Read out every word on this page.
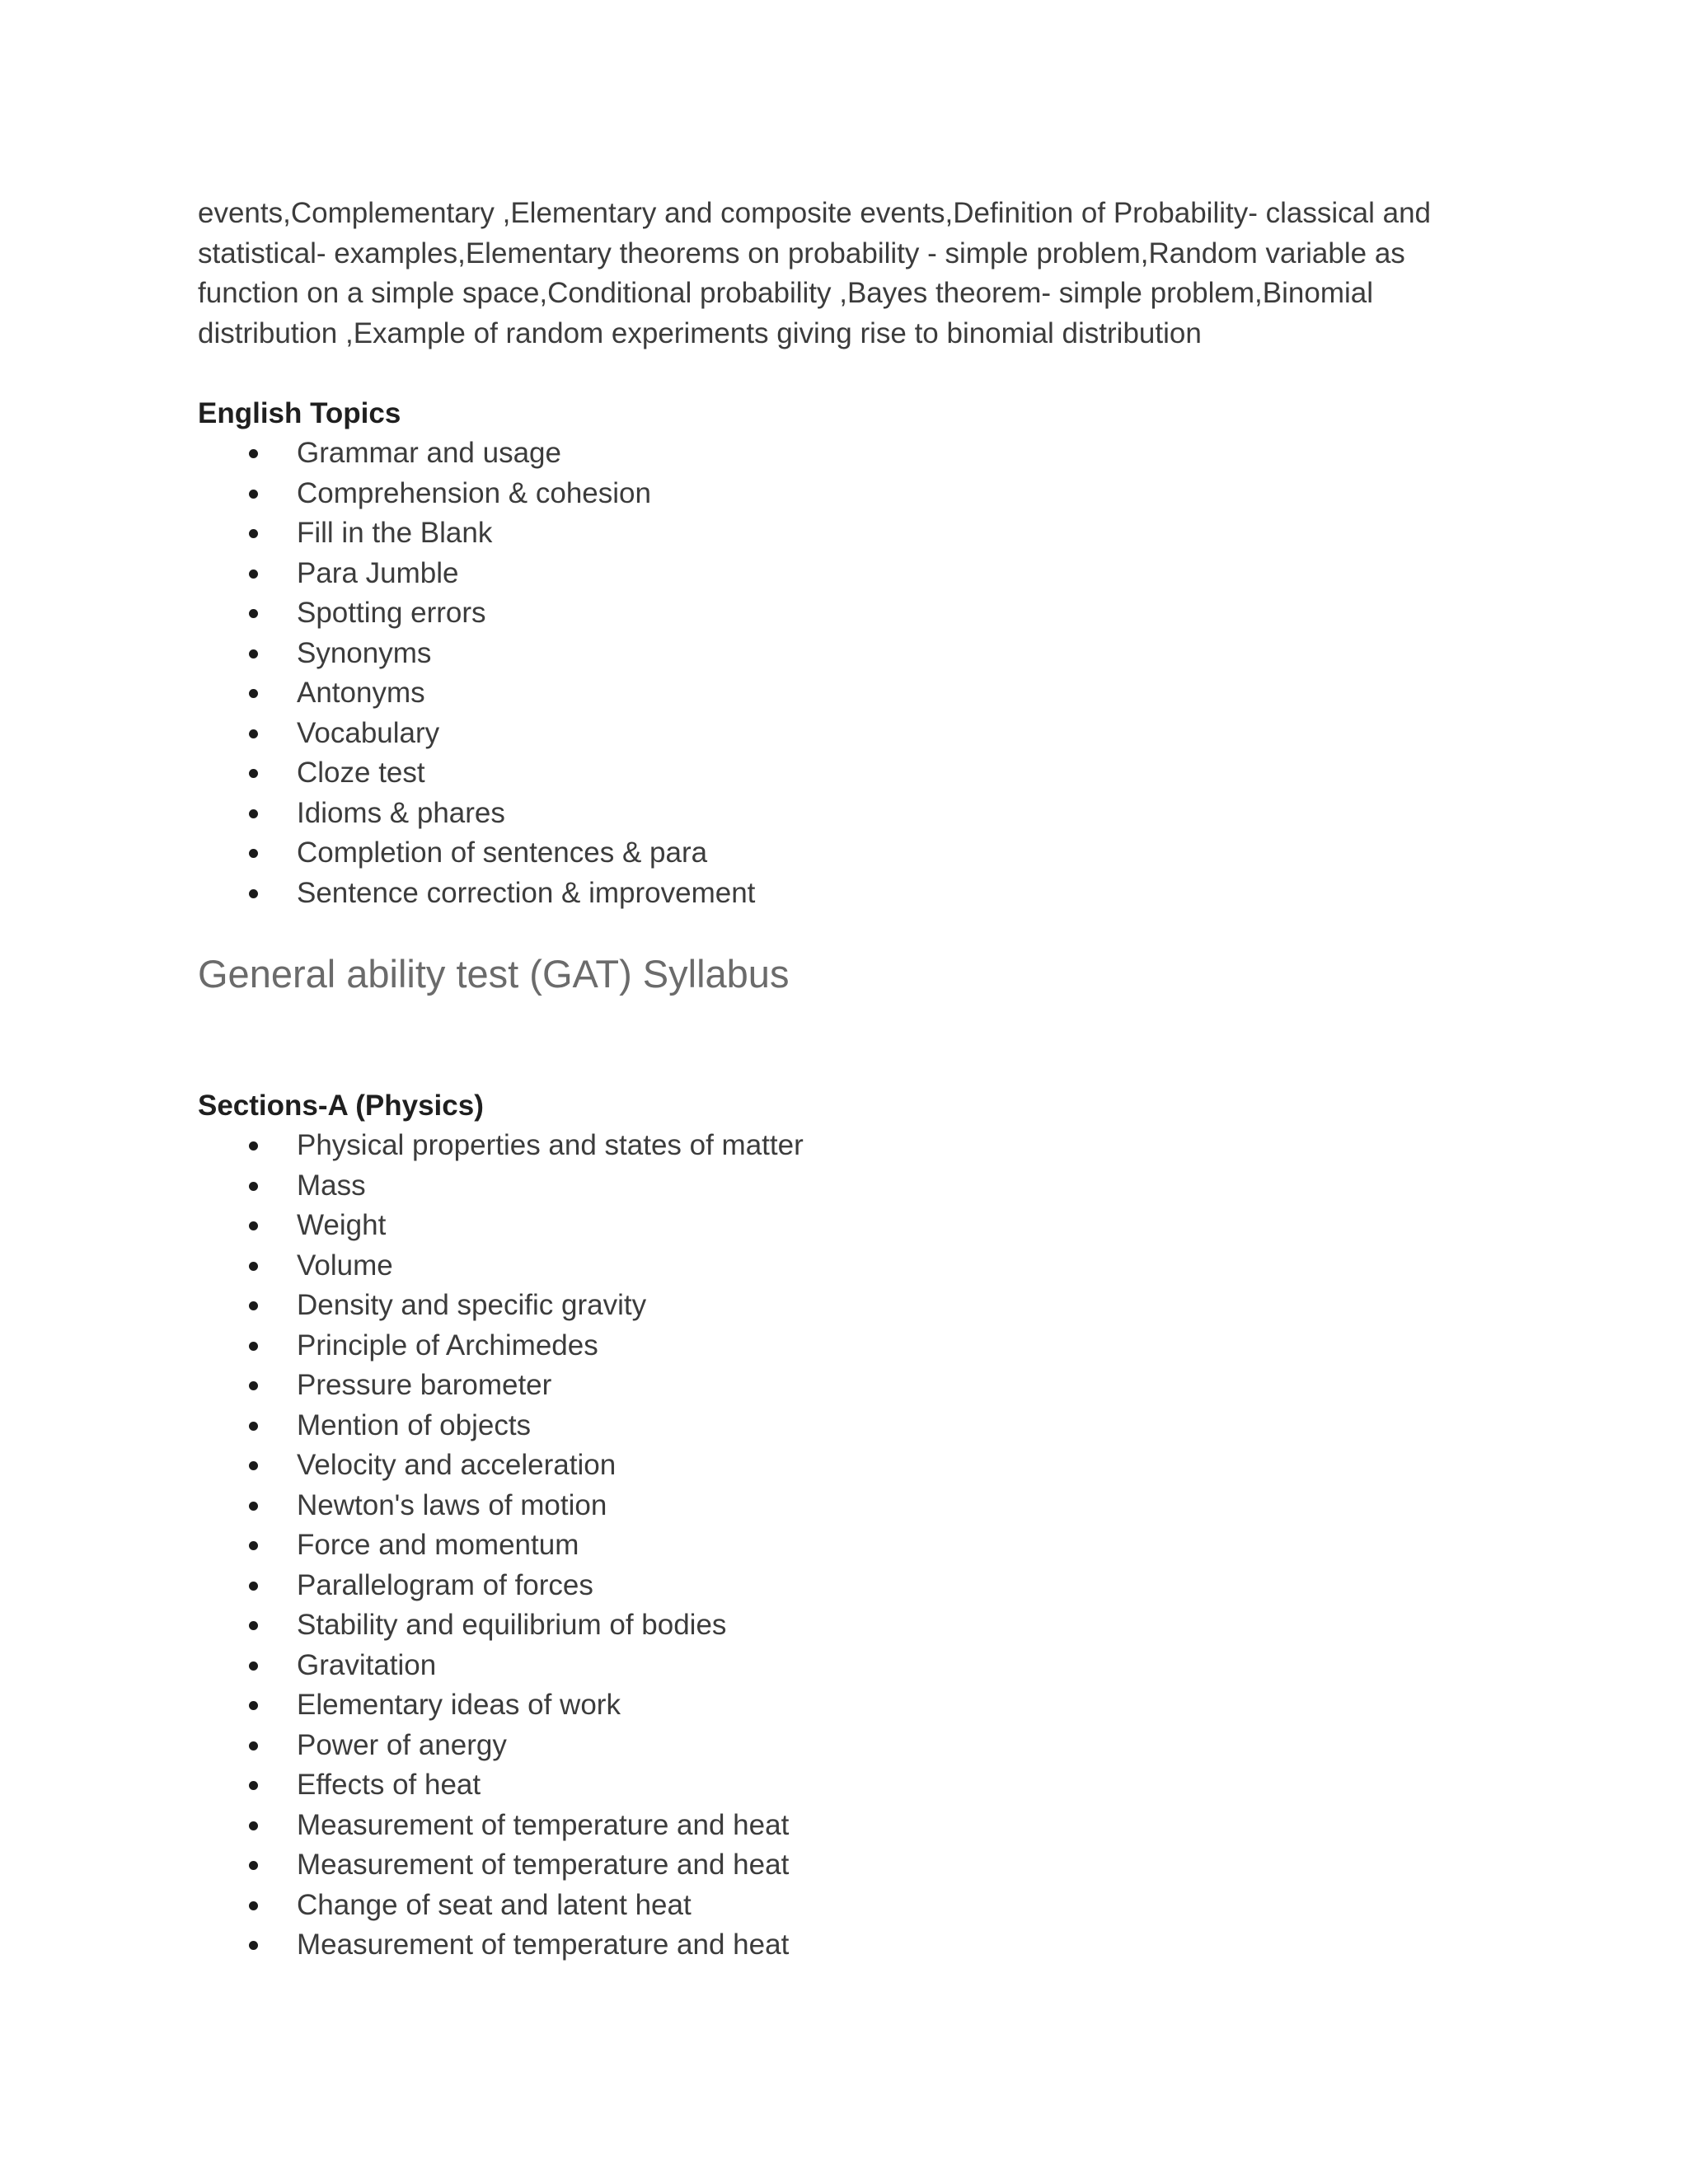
events,Complementary ,Elementary and composite events,Definition of Probability- classical and statistical- examples,Elementary theorems on probability - simple problem,Random variable as function on a simple space,Conditional probability ,Bayes theorem- simple problem,Binomial distribution ,Example of random experiments giving rise to binomial distribution

English Topics
Grammar and usage
Comprehension & cohesion
Fill in the Blank
Para Jumble
Spotting errors
Synonyms
Antonyms
Vocabulary
Cloze test
Idioms & phares
Completion of sentences & para
Sentence correction & improvement
General ability test (GAT) Syllabus
Sections-A (Physics)
Physical properties and states of matter
Mass
Weight
Volume
Density and specific gravity
Principle of Archimedes
Pressure barometer
Mention of objects
Velocity and acceleration
Newton's laws of motion
Force and momentum
Parallelogram of forces
Stability and equilibrium of bodies
Gravitation
Elementary ideas of work
Power of anergy
Effects of heat
Measurement of temperature and heat
Measurement of temperature and heat
Change of seat and latent heat
Measurement of temperature and heat
